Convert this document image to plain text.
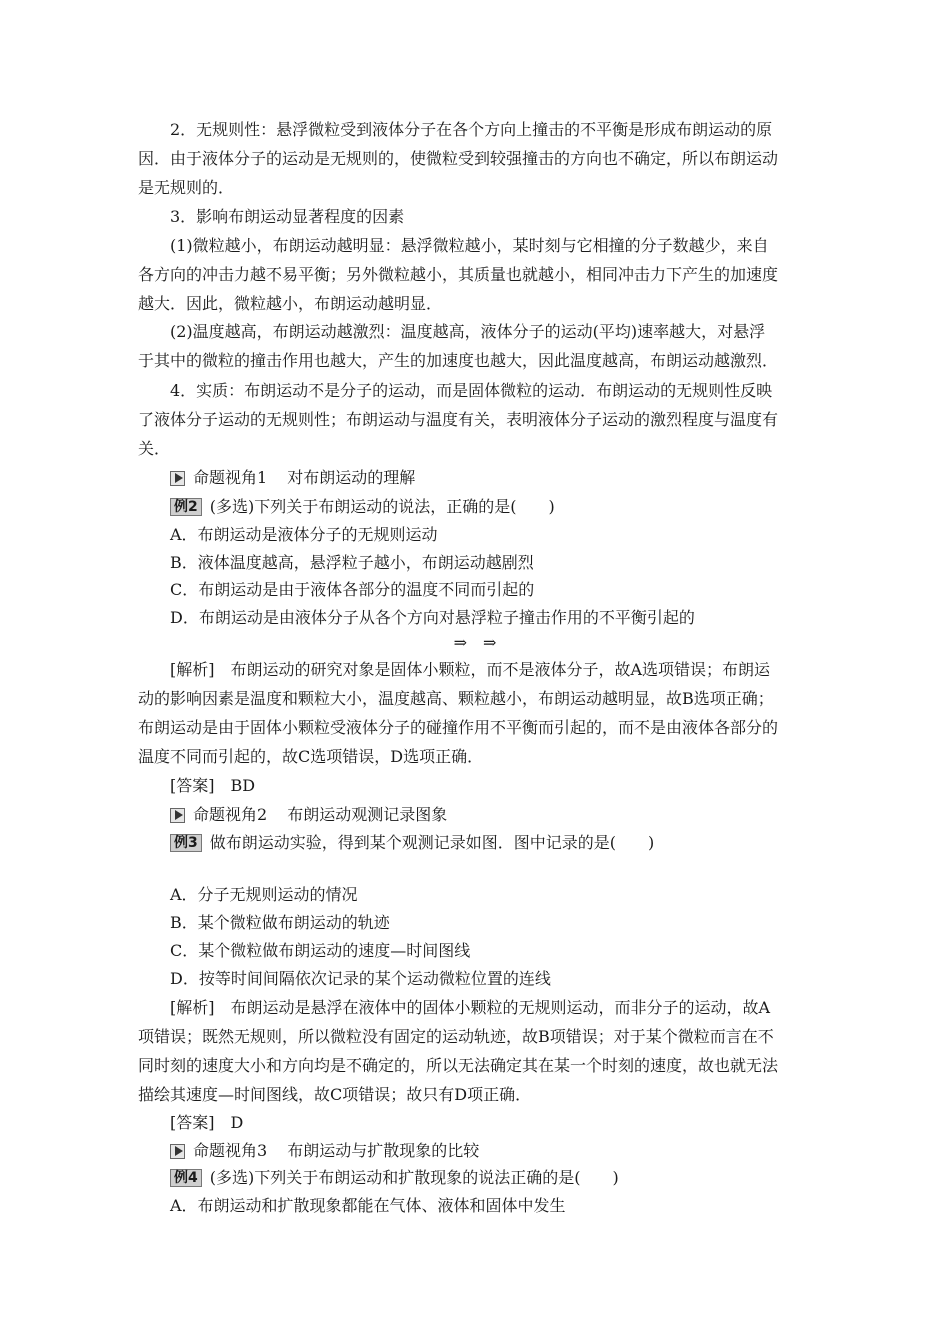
2．无规则性：悬浮微粒受到液体分子在各个方向上撞击的不平衡是形成布朗运动的原
因．由于液体分子的运动是无规则的，使微粒受到较强撞击的方向也不确定，所以布朗运动
是无规则的．
3．影响布朗运动显著程度的因素
(1)微粒越小，布朗运动越明显：悬浮微粒越小，某时刻与它相撞的分子数越少，来自
各方向的冲击力越不易平衡；另外微粒越小，其质量也就越小，相同冲击力下产生的加速度
越大．因此，微粒越小，布朗运动越明显．
(2)温度越高，布朗运动越激烈：温度越高，液体分子的运动(平均)速率越大，对悬浮
于其中的微粒的撞击作用也越大，产生的加速度也越大，因此温度越高，布朗运动越激烈．
4．实质：布朗运动不是分子的运动，而是固体微粒的运动．布朗运动的无规则性反映
了液体分子运动的无规则性；布朗运动与温度有关，表明液体分子运动的激烈程度与温度有
关．
命题视角1 对布朗运动的理解
例2 (多选)下列关于布朗运动的说法，正确的是(　　)
A．布朗运动是液体分子的无规则运动
B．液体温度越高，悬浮粒子越小，布朗运动越剧烈
C．布朗运动是由于液体各部分的温度不同而引起的
D．布朗运动是由液体分子从各个方向对悬浮粒子撞击作用的不平衡引起的
⇒　⇒
[解析]　布朗运动的研究对象是固体小颗粒，而不是液体分子，故A选项错误；布朗运
动的影响因素是温度和颗粒大小，温度越高、颗粒越小，布朗运动越明显，故B选项正确；
布朗运动是由于固体小颗粒受液体分子的碰撞作用不平衡而引起的，而不是由液体各部分的
温度不同而引起的，故C选项错误，D选项正确．
[答案]　BD
命题视角2 布朗运动观测记录图象
例3 做布朗运动实验，得到某个观测记录如图．图中记录的是(　　)
A．分子无规则运动的情况
B．某个微粒做布朗运动的轨迹
C．某个微粒做布朗运动的速度—时间图线
D．按等时间间隔依次记录的某个运动微粒位置的连线
[解析]　布朗运动是悬浮在液体中的固体小颗粒的无规则运动，而非分子的运动，故A
项错误；既然无规则，所以微粒没有固定的运动轨迹，故B项错误；对于某个微粒而言在不
同时刻的速度大小和方向均是不确定的，所以无法确定其在某一个时刻的速度，故也就无法
描绘其速度—时间图线，故C项错误；故只有D项正确．
[答案]　D
命题视角3 布朗运动与扩散现象的比较
例4 (多选)下列关于布朗运动和扩散现象的说法正确的是(　　)
A．布朗运动和扩散现象都能在气体、液体和固体中发生
